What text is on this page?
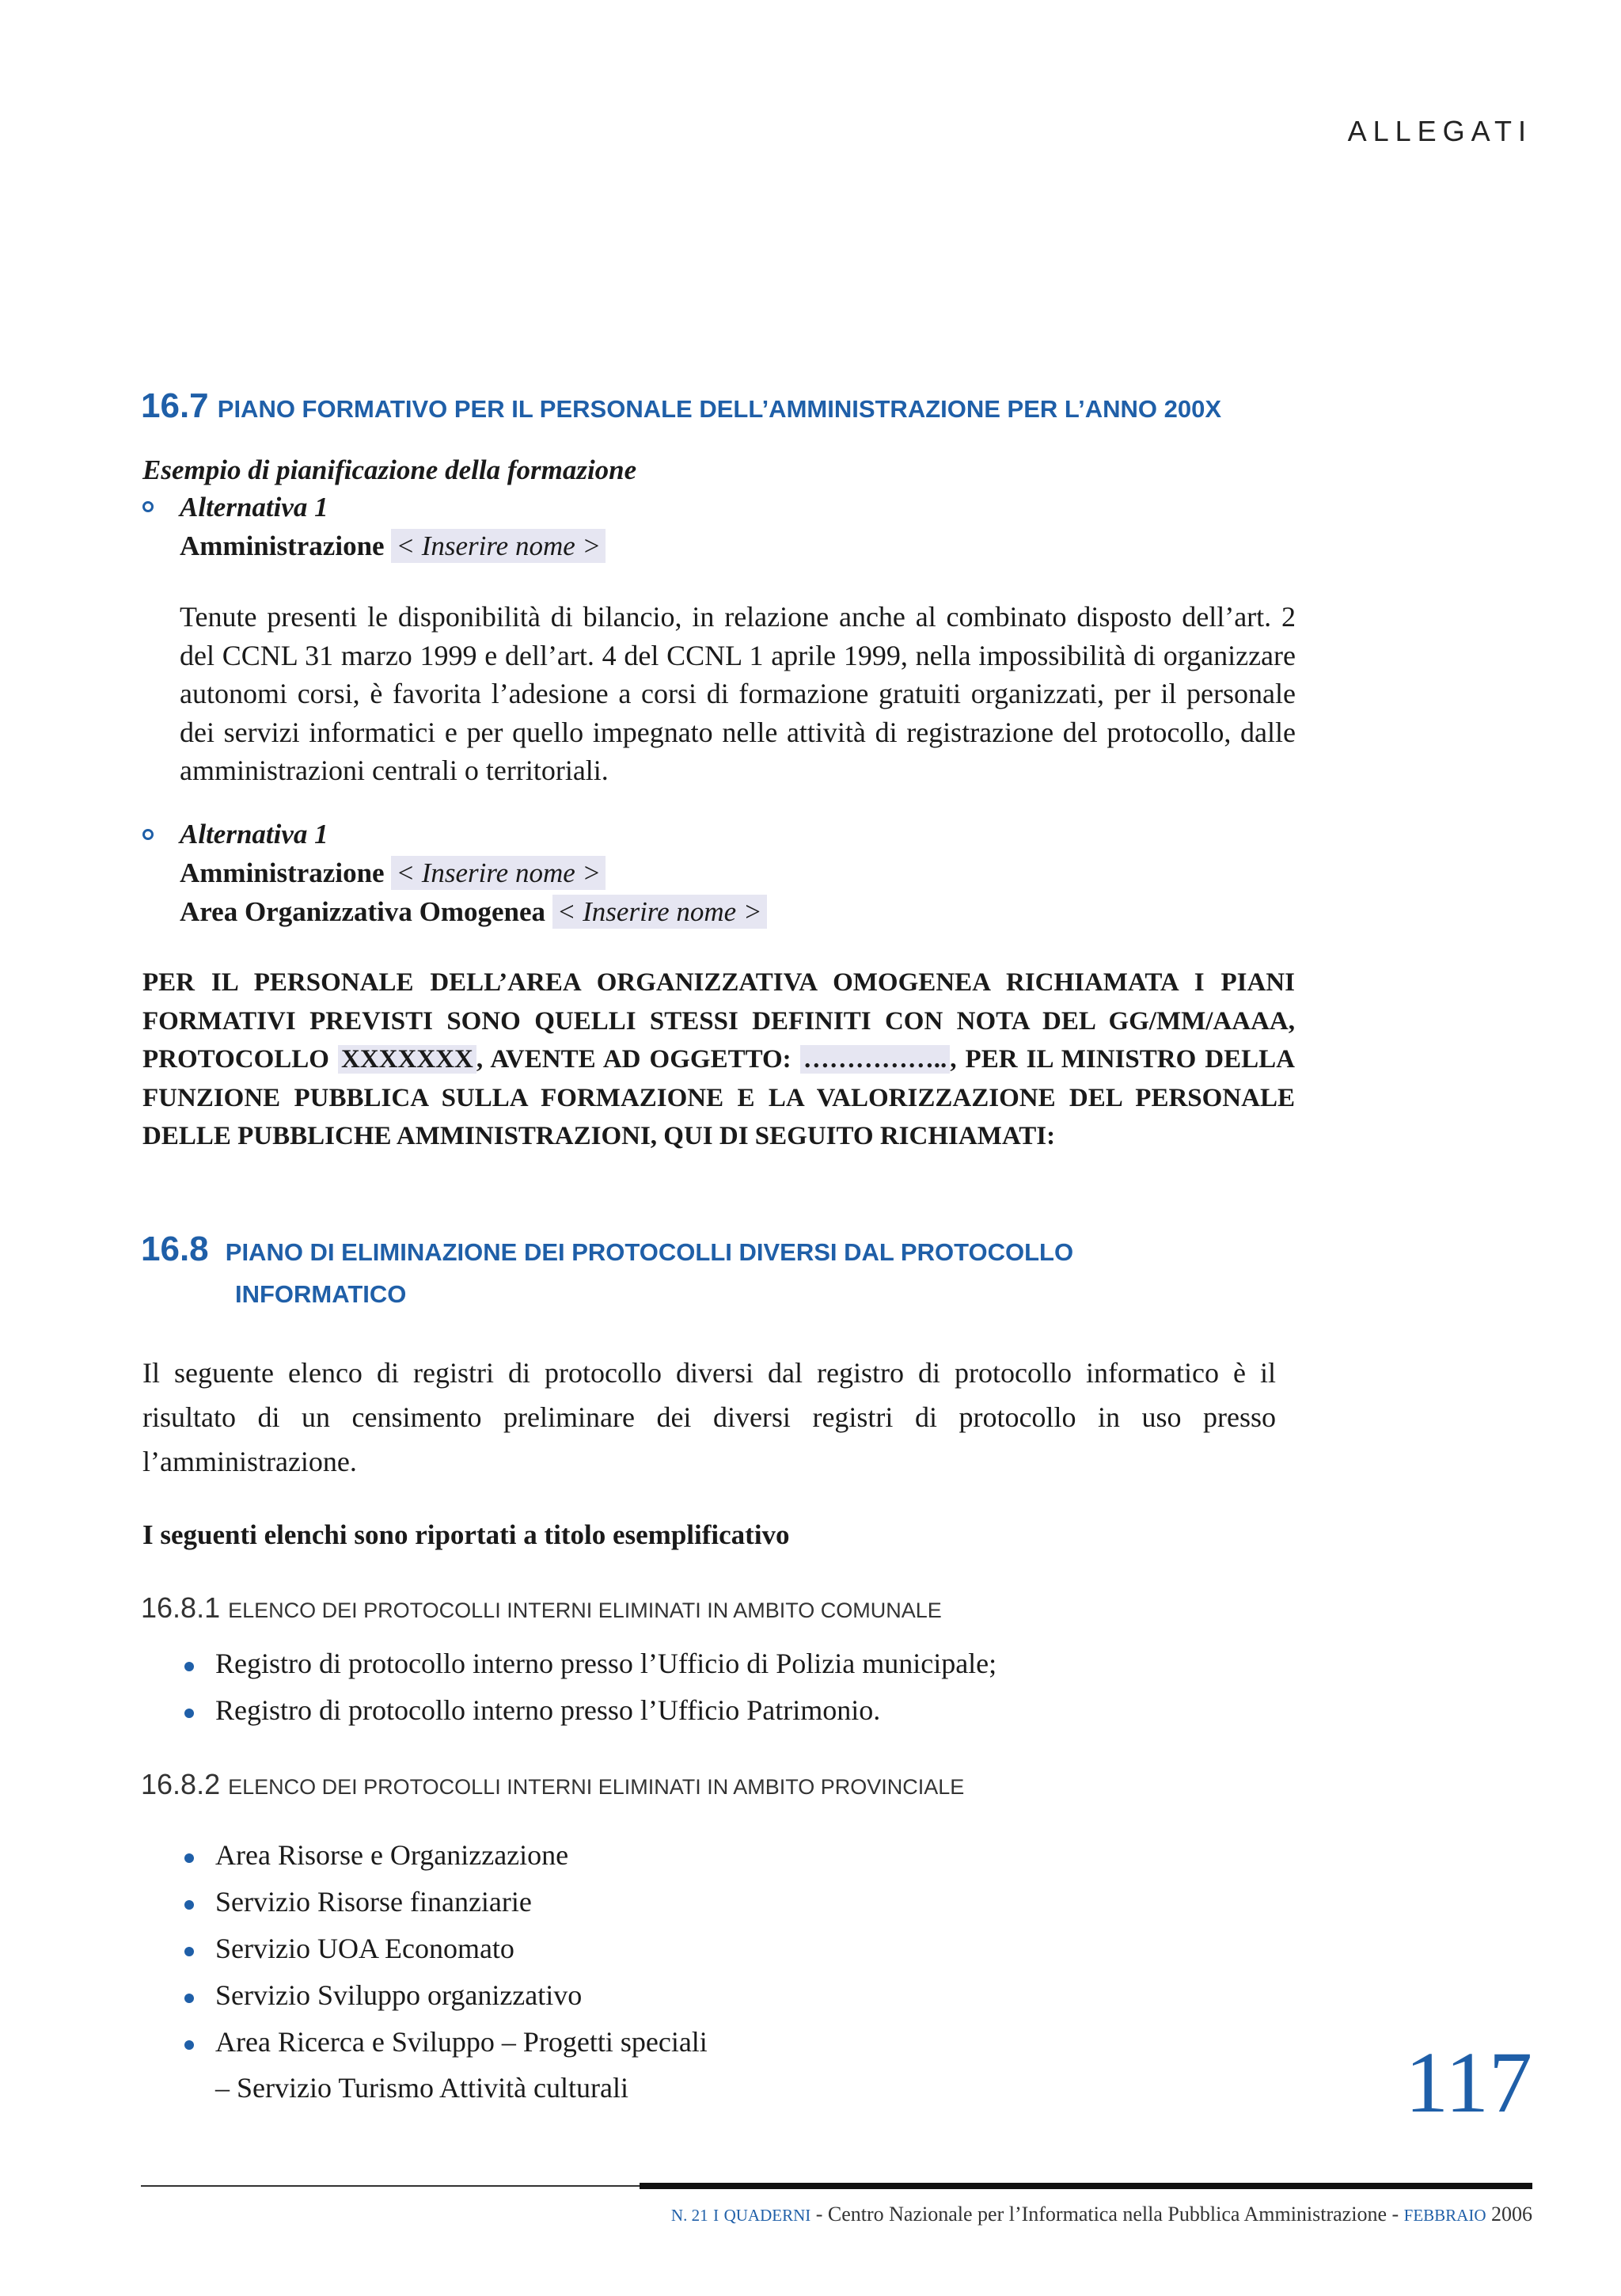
ALLEGATI
16.7 PIANO FORMATIVO PER IL PERSONALE DELL’AMMINISTRAZIONE PER L’ANNO 200X
Esempio di pianificazione della formazione
Alternativa 1
Amministrazione < Inserire nome >
Tenute presenti le disponibilità di bilancio, in relazione anche al combinato disposto dell’art. 2 del CCNL 31 marzo 1999 e dell’art. 4 del CCNL 1 aprile 1999, nella impossibilità di organizzare autonomi corsi, è favorita l’adesione a corsi di formazione gratuiti organizzati, per il personale dei servizi informatici e per quello impegnato nelle attività di registrazione del protocollo, dalle amministrazioni centrali o territoriali.
Alternativa 1
Amministrazione < Inserire nome >
Area Organizzativa Omogenea < Inserire nome >
PER IL PERSONALE DELL’AREA ORGANIZZATIVA OMOGENEA RICHIAMATA I PIANI FORMATIVI PREVISTI SONO QUELLI STESSI DEFINITI CON NOTA DEL GG/MM/AAAA, PROTOCOLLO XXXXXXX , AVENTE AD OGGETTO: …………….. , PER IL MINISTRO DELLA FUNZIONE PUBBLICA SULLA FORMAZIONE E LA VALORIZZAZIONE DEL PERSONALE DELLE PUBBLICHE AMMINISTRAZIONI, QUI DI SEGUITO RICHIAMATI:
16.8 PIANO DI ELIMINAZIONE DEI PROTOCOLLI DIVERSI DAL PROTOCOLLO
INFORMATICO
Il seguente elenco di registri di protocollo diversi dal registro di protocollo informatico è il risultato di un censimento preliminare dei diversi registri di protocollo in uso presso l’amministrazione.
I seguenti elenchi sono riportati a titolo esemplificativo
16.8.1 ELENCO DEI PROTOCOLLI INTERNI ELIMINATI IN AMBITO COMUNALE
Registro di protocollo interno presso l’Ufficio di Polizia municipale;
Registro di protocollo interno presso l’Ufficio Patrimonio.
16.8.2 ELENCO DEI PROTOCOLLI INTERNI ELIMINATI IN AMBITO PROVINCIALE
Area Risorse e Organizzazione
Servizio Risorse finanziarie
Servizio UOA Economato
Servizio Sviluppo organizzativo
Area Ricerca e Sviluppo – Progetti speciali
– Servizio Turismo Attività culturali	117
N. 21 I QUADERNI - Centro Nazionale per l’Informatica nella Pubblica Amministrazione - FEBBRAIO 2006
